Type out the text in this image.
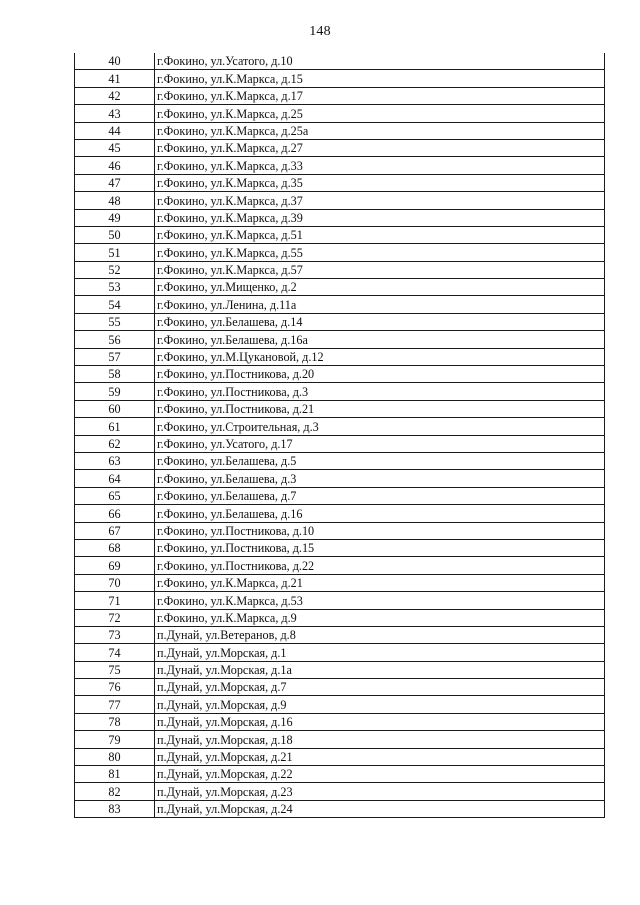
148
40	г.Фокино, ул.Усатого, д.10
41	г.Фокино, ул.К.Маркса, д.15
42	г.Фокино, ул.К.Маркса, д.17
43	г.Фокино, ул.К.Маркса, д.25
44	г.Фокино, ул.К.Маркса, д.25а
45	г.Фокино, ул.К.Маркса, д.27
46	г.Фокино, ул.К.Маркса, д.33
47	г.Фокино, ул.К.Маркса, д.35
48	г.Фокино, ул.К.Маркса, д.37
49	г.Фокино, ул.К.Маркса, д.39
50	г.Фокино, ул.К.Маркса, д.51
51	г.Фокино, ул.К.Маркса, д.55
52	г.Фокино, ул.К.Маркса, д.57
53	г.Фокино, ул.Мищенко, д.2
54	г.Фокино, ул.Ленина, д.11а
55	г.Фокино, ул.Белашева, д.14
56	г.Фокино, ул.Белашева, д.16а
57	г.Фокино, ул.М.Цукановой, д.12
58	г.Фокино, ул.Постникова, д.20
59	г.Фокино, ул.Постникова, д.3
60	г.Фокино, ул.Постникова, д.21
61	г.Фокино, ул.Строительная, д.3
62	г.Фокино, ул.Усатого, д.17
63	г.Фокино, ул.Белашева, д.5
64	г.Фокино, ул.Белашева, д.3
65	г.Фокино, ул.Белашева, д.7
66	г.Фокино, ул.Белашева, д.16
67	г.Фокино, ул.Постникова, д.10
68	г.Фокино, ул.Постникова, д.15
69	г.Фокино, ул.Постникова, д.22
70	г.Фокино, ул.К.Маркса, д.21
71	г.Фокино, ул.К.Маркса, д.53
72	г.Фокино, ул.К.Маркса, д.9
73	п.Дунай, ул.Ветеранов, д.8
74	п.Дунай, ул.Морская, д.1
75	п.Дунай, ул.Морская, д.1а
76	п.Дунай, ул.Морская, д.7
77	п.Дунай, ул.Морская, д.9
78	п.Дунай, ул.Морская, д.16
79	п.Дунай, ул.Морская, д.18
80	п.Дунай, ул.Морская, д.21
81	п.Дунай, ул.Морская, д.22
82	п.Дунай, ул.Морская, д.23
83	п.Дунай, ул.Морская, д.24
